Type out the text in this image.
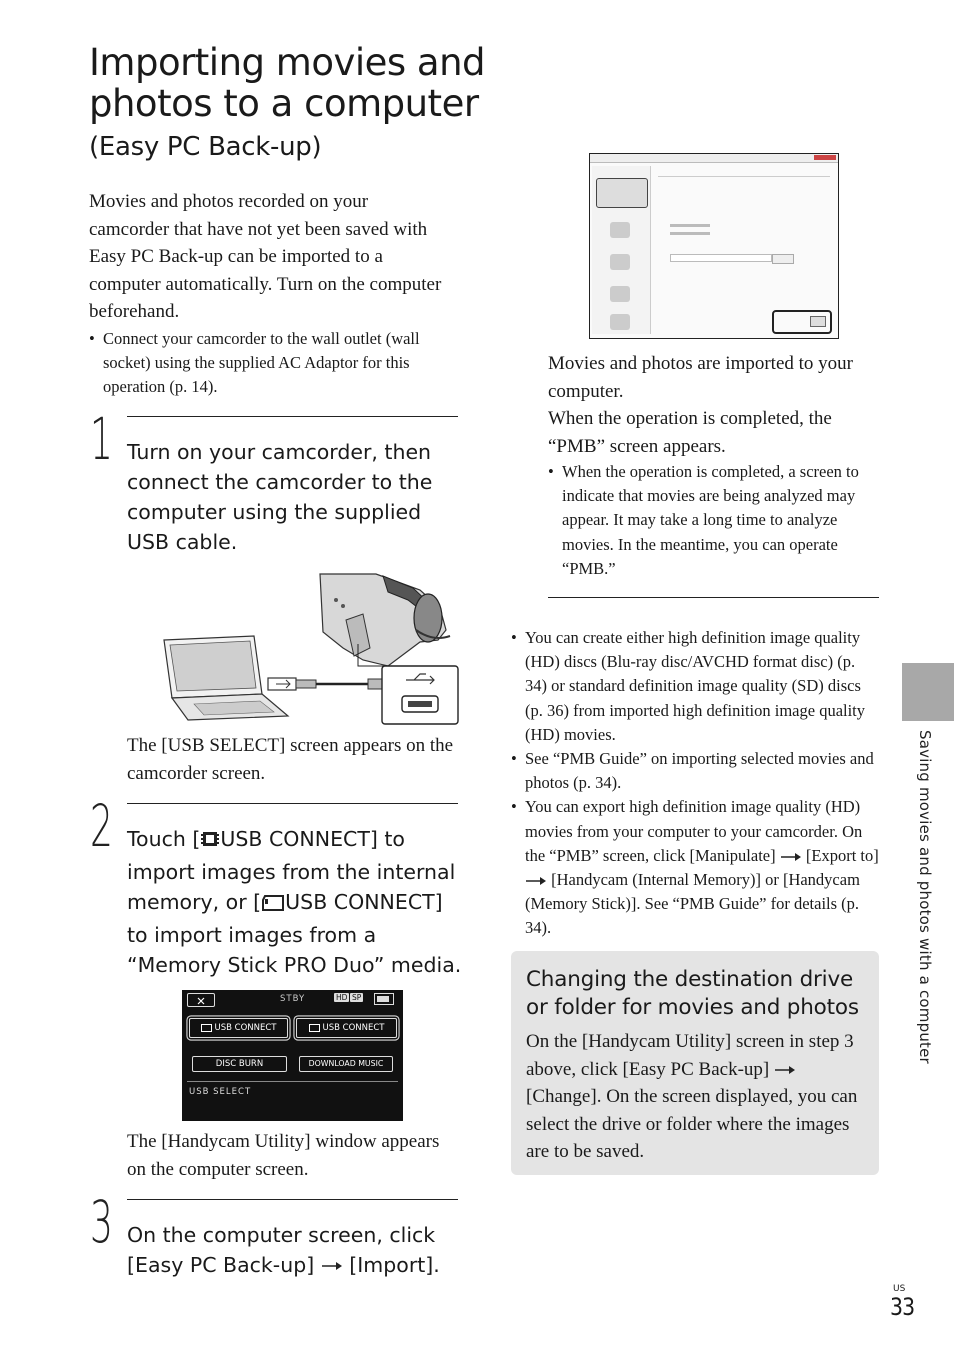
Importing movies and
photos to a computer
(Easy PC Back-up)
Movies and photos recorded on your camcorder that have not yet been saved with Easy PC Back-up can be imported to a computer automatically. Turn on the computer beforehand.
• Connect your camcorder to the wall outlet (wall socket) using the supplied AC Adaptor for this operation (p. 14).
1 Turn on your camcorder, then connect the camcorder to the computer using the supplied USB cable.
The [USB SELECT] screen appears on the camcorder screen.
2 Touch [ USB CONNECT] to import images from the internal memory, or [ USB CONNECT] to import images from a “Memory Stick PRO Duo” media.
STBY	HD SP
USB CONNECT	USB CONNECT
DISC BURN	DOWNLOAD MUSIC
USB SELECT
The [Handycam Utility] window appears on the computer screen.
3 On the computer screen, click [Easy PC Back-up] [Import].
Movies and photos are imported to your computer.
When the operation is completed, the “PMB” screen appears.
• When the operation is completed, a screen to indicate that movies are being analyzed may appear. It may take a long time to analyze movies. In the meantime, you can operate “PMB.”
• You can create either high definition image quality (HD) discs (Blu-ray disc/AVCHD format disc) (p. 34) or standard definition image quality (SD) discs (p. 36) from imported high definition image quality (HD) movies.
• See “PMB Guide” on importing selected movies and photos (p. 34).
• You can export high definition image quality (HD) movies from your computer to your camcorder. On the “PMB” screen, click [Manipulate] [Export to]  [Handycam (Internal Memory)] or [Handycam (Memory Stick)]. See “PMB Guide” for details (p. 34).
Changing the destination drive or folder for movies and photos
On the [Handycam Utility] screen in step 3 above, click [Easy PC Back-up]  [Change]. On the screen displayed, you can select the drive or folder where the images are to be saved.
Saving movies and photos with a computer
US
33
